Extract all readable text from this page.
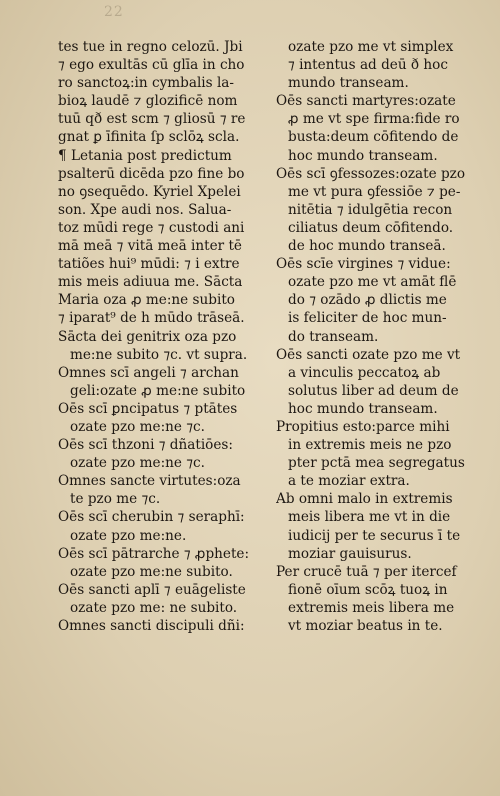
22
tes tue in regno celozū. Jbi
⁊ ego exultās cū glīa in cho
ro sanctoꝝ:in cymbalis la-
bioꝝ laudē ⁊ glozificē nom
tuū qð est scm ⁊ gliosū ⁊ re
gnat ꝑ īfinita ſp sclōꝝ scla.
¶ Letania post predictum
psalterū dicēda pzo fine bo
no ꝯsequēdo. Kyriel Xpelei
son. Xpe audi nos. Salua-
toz mūdi rege ⁊ custodi ani
mā meā ⁊ vitā meā inter tē
tatiões hui⁹ mūdi: ⁊ i extre
mis meis adiuua me. Sācta
Maria oza ꝓ me:ne subito
⁊ iparat⁹ de h mūdo trāseā.
Sācta dei genitrix oza pzo
me:ne subito ⁊c. vt supra.
Omnes scī angeli ⁊ archan
geli:ozate ꝓ me:ne subito
Oēs scī ꝑncipatus ⁊ ptātes
ozate pzo me:ne ⁊c.
Oēs scī thzoni ⁊ dñatiōes:
ozate pzo me:ne ⁊c.
Omnes sancte virtutes:oza
te pzo me ⁊c.
Oēs scī cherubin ⁊ seraphī:
ozate pzo me:ne.
Oēs scī pātrarche ⁊ ꝓphete:
ozate pzo me:ne subito.
Oēs sancti aplī ⁊ euāgeliste
ozate pzo me: ne subito.
Omnes sancti discipuli dñi:
ozate pzo me vt simplex
⁊ intentus ad deū ð hoc
mundo transeam.
Oēs sancti martyres:ozate
ꝓ me vt spe firma:fide ro
busta:deum cōfitendo de
hoc mundo transeam.
Oēs scī ꝯfessozes:ozate pzo
me vt pura ꝯfessiōe ⁊ pe-
nitētia ⁊ idulgētia recon
ciliatus deum cōfitendo.
de hoc mundo transeā.
Oēs scīe virgines ⁊ vidue:
ozate pzo me vt amāt flē
do ⁊ ozādo ꝓ dlictis me
is feliciter de hoc mun-
do transeam.
Oēs sancti ozate pzo me vt
a vinculis peccatoꝝ ab
solutus liber ad deum de
hoc mundo transeam.
Propitius esto:parce mihi
in extremis meis ne pzo
pter pctā mea segregatus
a te moziar extra.
Ab omni malo in extremis
meis libera me vt in die
iudicij per te securus ī te
moziar gauisurus.
Per crucē tuā ⁊ per itercef
fionē oīum scōꝝ tuoꝝ in
extremis meis libera me
vt moziar beatus in te.
